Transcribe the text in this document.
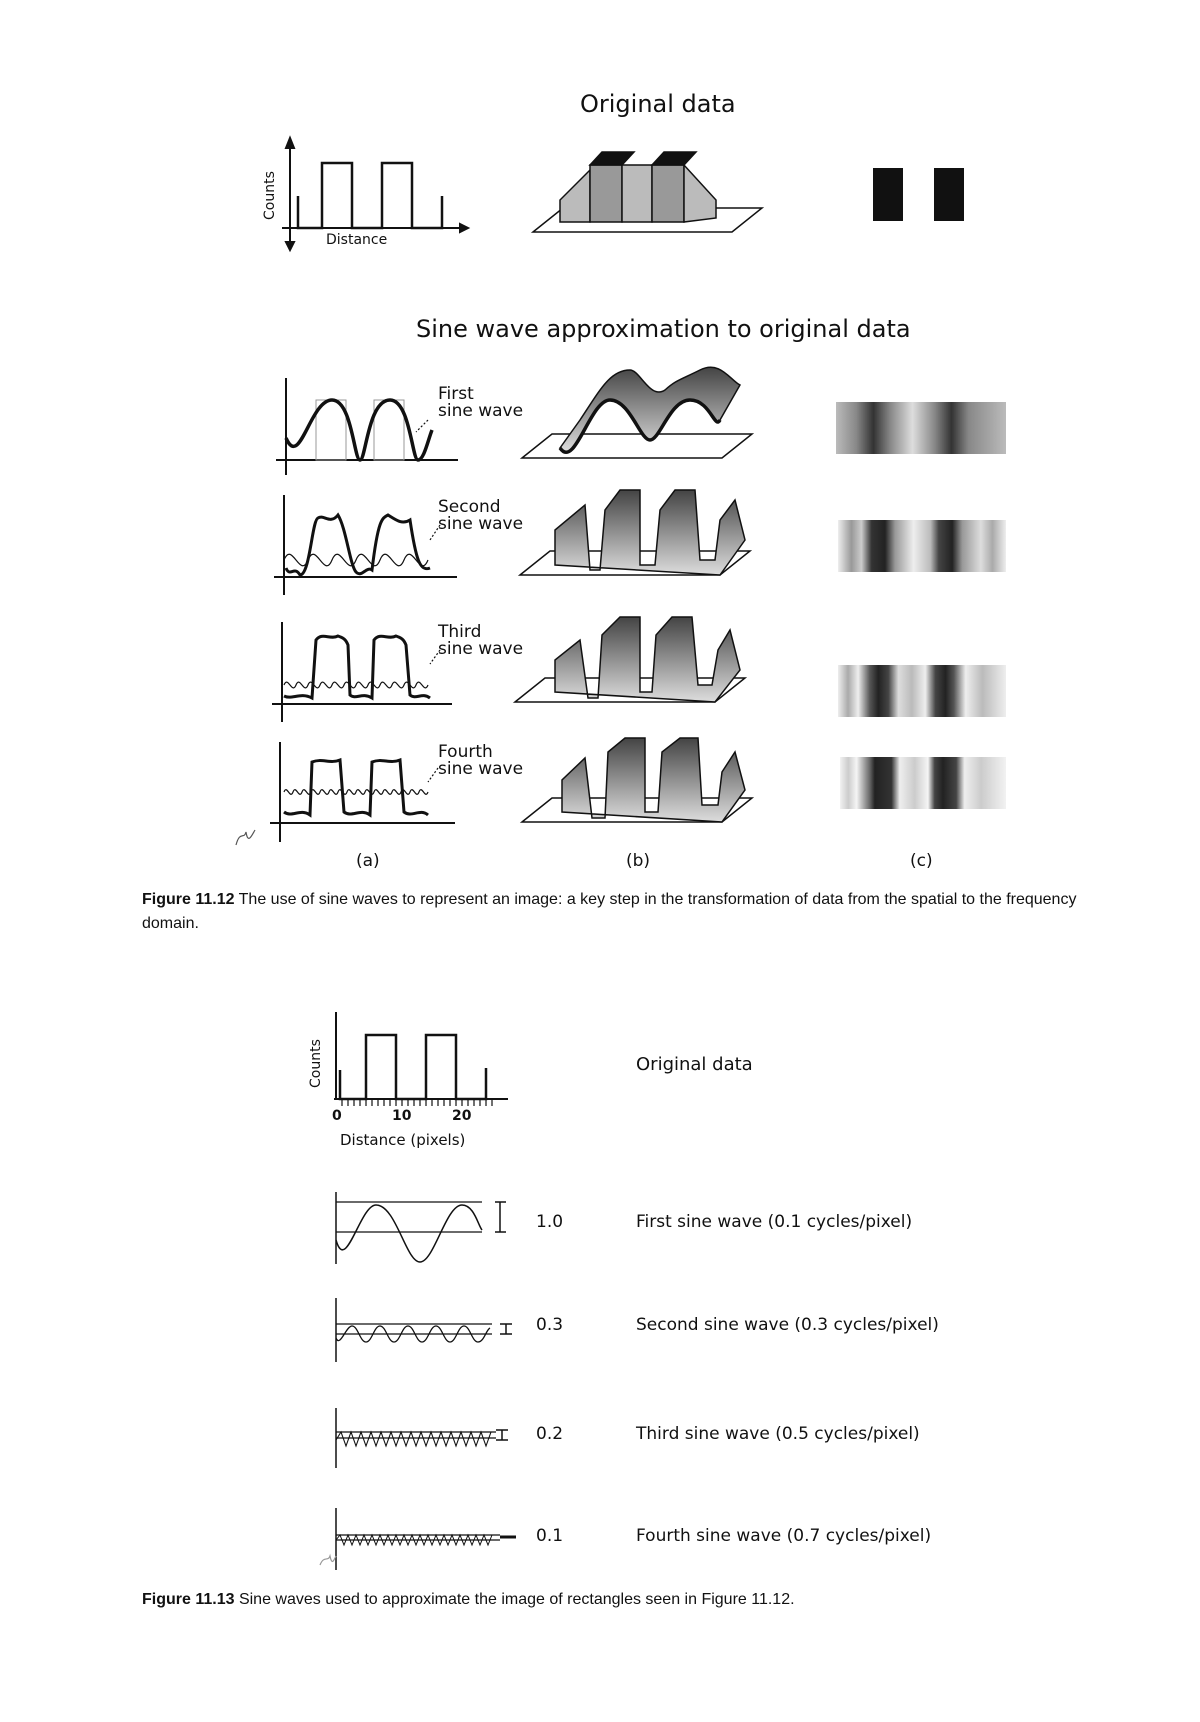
Original data
Counts
Distance
Sine wave approximation to original data
First
sine wave
Second
sine wave
Third
sine wave
Fourth
sine wave
(a)	(b)	(c)
Figure 11.12 The use of sine waves to represent an image: a key step in the transformation of data from the spatial to the frequency domain.
Counts
0	10	20
Distance (pixels)
Original data
1.0	First sine wave (0.1 cycles/pixel)
0.3	Second sine wave (0.3 cycles/pixel)
0.2	Third sine wave (0.5 cycles/pixel)
0.1	Fourth sine wave (0.7 cycles/pixel)
Figure 11.13 Sine waves used to approximate the image of rectangles seen in Figure 11.12.
